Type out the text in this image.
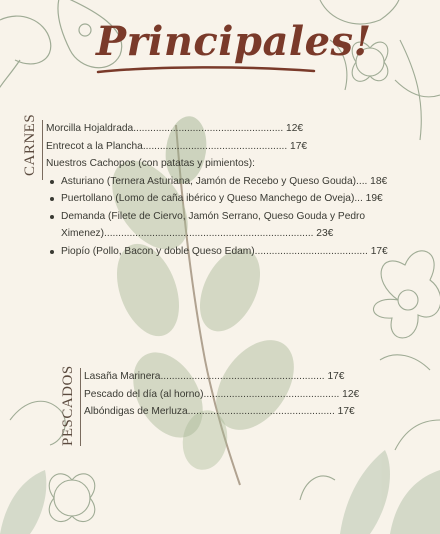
Principales!
CARNES Morcilla Hojaldrada..................................................... 12€
Entrecot a la Plancha................................................... 17€
Nuestros Cachopos (con patatas y pimientos):
Asturiano (Ternera Asturiana, Jamón de Recebo y Queso Gouda).... 18€
Puertollano (Lomo de caña ibérico y Queso Manchego de Oveja)... 19€
Demanda (Filete de Ciervo, Jamón Serrano, Queso Gouda y Pedro
Ximenez).......................................................................... 23€
Piopío (Pollo, Bacon y doble Queso Edam)........................................ 17€
PESCADOS Lasaña Marinera.......................................................... 17€
Pescado del día (al horno)................................................ 12€
Albóndigas de Merluza.................................................... 17€
